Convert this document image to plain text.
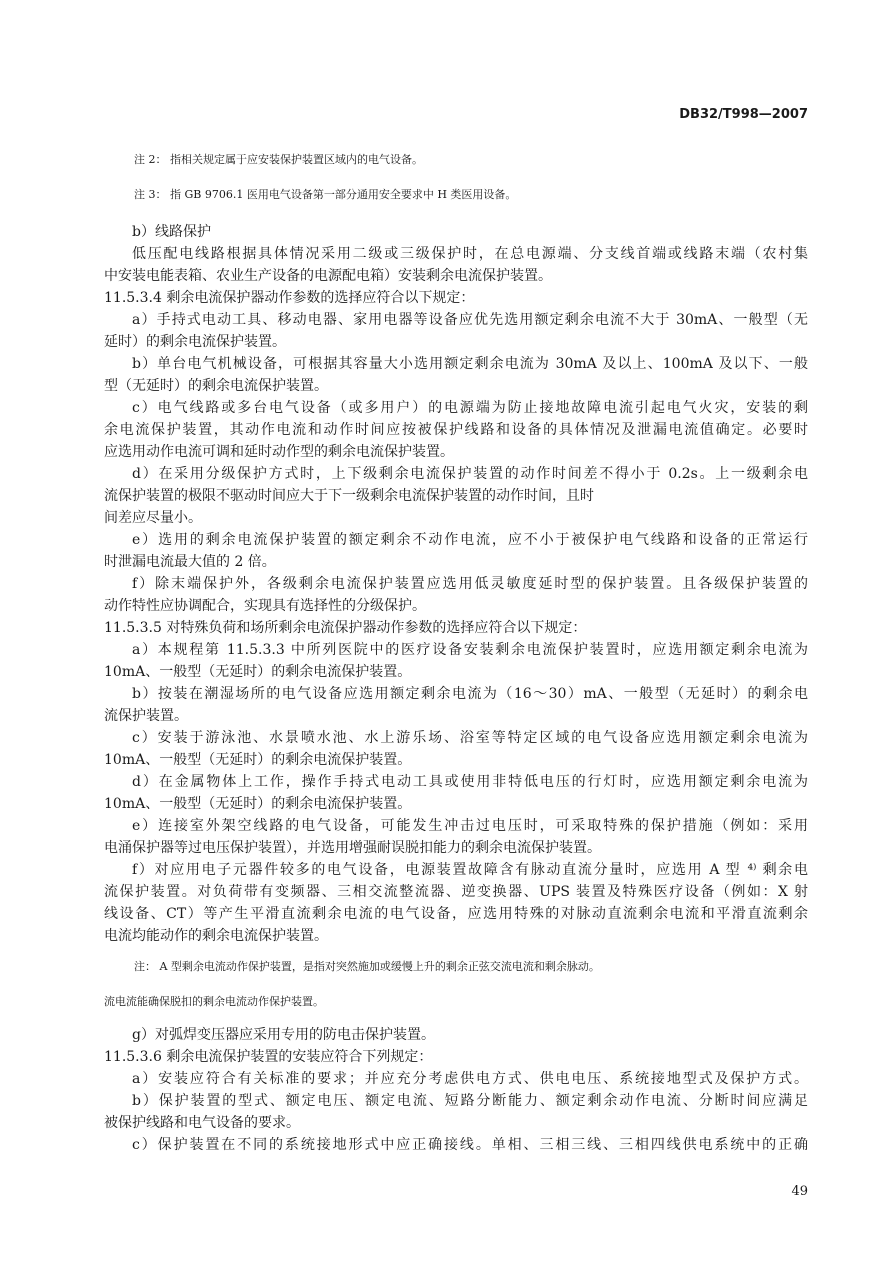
DB32/T998—2007

注 2： 指相关规定属于应安装保护装置区域内的电气设备。

注 3： 指 GB 9706.1 医用电气设备第一部分通用安全要求中 H 类医用设备。

b）线路保护

低压配电线路根据具体情况采用二级或三级保护时，在总电源端、分支线首端或线路末端（农村集

中安装电能表箱、农业生产设备的电源配电箱）安装剩余电流保护装置。

11.5.3.4 剩余电流保护器动作参数的选择应符合以下规定：

a）手持式电动工具、移动电器、家用电器等设备应优先选用额定剩余电流不大于 30mA、一般型（无

延时）的剩余电流保护装置。

b）单台电气机械设备，可根据其容量大小选用额定剩余电流为 30mA 及以上、100mA 及以下、一般

型（无延时）的剩余电流保护装置。

c）电气线路或多台电气设备（或多用户）的电源端为防止接地故障电流引起电气火灾，安装的剩

余电流保护装置，其动作电流和动作时间应按被保护线路和设备的具体情况及泄漏电流值确定。必要时

应选用动作电流可调和延时动作型的剩余电流保护装置。

d）在采用分级保护方式时，上下级剩余电流保护装置的动作时间差不得小于 0.2s。上一级剩余电

流保护装置的极限不驱动时间应大于下一级剩余电流保护装置的动作时间，且时

间差应尽量小。

e）选用的剩余电流保护装置的额定剩余不动作电流，应不小于被保护电气线路和设备的正常运行

时泄漏电流最大值的 2 倍。

f）除末端保护外，各级剩余电流保护装置应选用低灵敏度延时型的保护装置。且各级保护装置的

动作特性应协调配合，实现具有选择性的分级保护。

11.5.3.5 对特殊负荷和场所剩余电流保护器动作参数的选择应符合以下规定：

a）本规程第 11.5.3.3 中所列医院中的医疗设备安装剩余电流保护装置时，应选用额定剩余电流为

10mA、一般型（无延时）的剩余电流保护装置。

b）按装在潮湿场所的电气设备应选用额定剩余电流为（16～30）mA、一般型（无延时）的剩余电

流保护装置。

c）安装于游泳池、水景喷水池、水上游乐场、浴室等特定区域的电气设备应选用额定剩余电流为

10mA、一般型（无延时）的剩余电流保护装置。

d）在金属物体上工作，操作手持式电动工具或使用非特低电压的行灯时，应选用额定剩余电流为

10mA、一般型（无延时）的剩余电流保护装置。

e）连接室外架空线路的电气设备，可能发生冲击过电压时，可采取特殊的保护措施（例如：采用

电涌保护器等过电压保护装置），并选用增强耐误脱扣能力的剩余电流保护装置。

f）对应用电子元器件较多的电气设备，电源装置故障含有脉动直流分量时，应选用 A 型 ⁴⁾ 剩余电

流保护装置。对负荷带有变频器、三相交流整流器、逆变换器、UPS 装置及特殊医疗设备（例如：X 射

线设备、CT）等产生平滑直流剩余电流的电气设备，应选用特殊的对脉动直流剩余电流和平滑直流剩余

电流均能动作的剩余电流保护装置。

注： A 型剩余电流动作保护装置，是指对突然施加或缓慢上升的剩余正弦交流电流和剩余脉动。

流电流能确保脱扣的剩余电流动作保护装置。

g）对弧焊变压器应采用专用的防电击保护装置。

11.5.3.6 剩余电流保护装置的安装应符合下列规定：

a）安装应符合有关标准的要求；并应充分考虑供电方式、供电电压、系统接地型式及保护方式。

b）保护装置的型式、额定电压、额定电流、短路分断能力、额定剩余动作电流、分断时间应满足

被保护线路和电气设备的要求。

c）保护装置在不同的系统接地形式中应正确接线。单相、三相三线、三相四线供电系统中的正确

49
